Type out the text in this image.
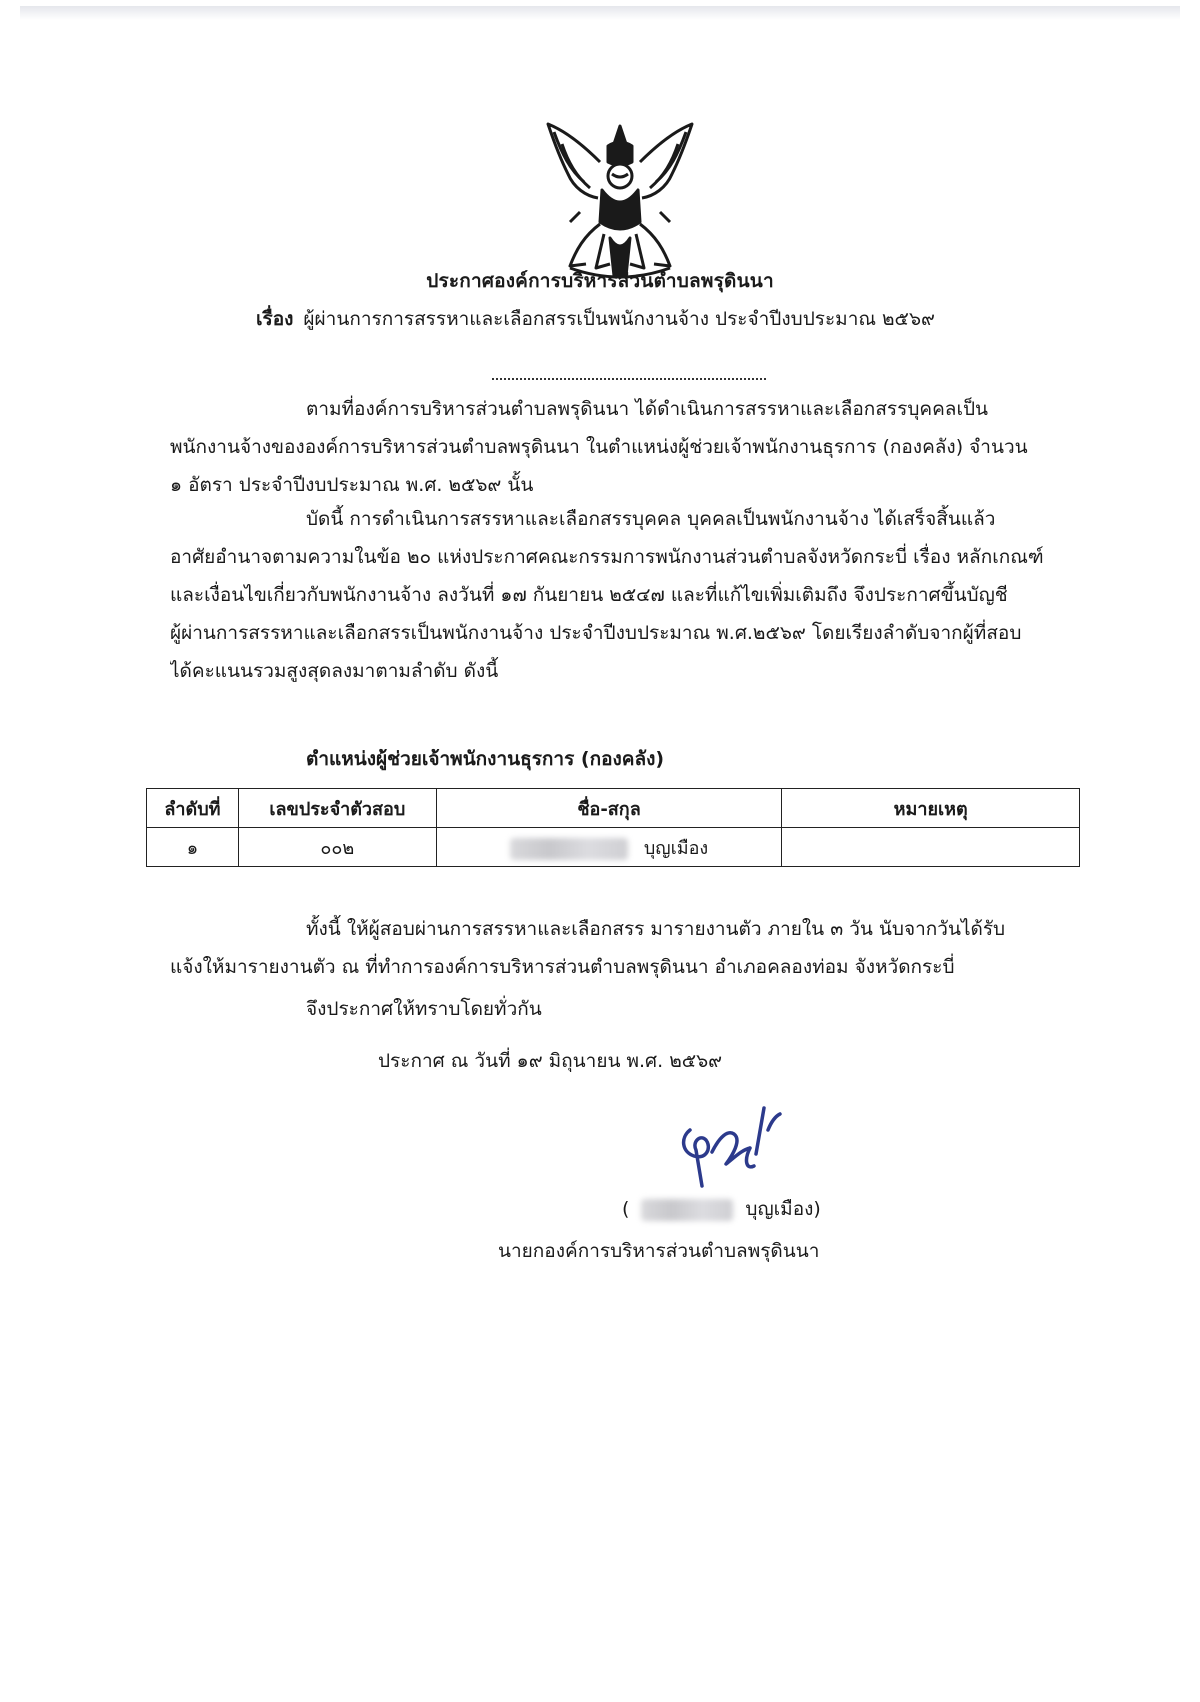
ประกาศองค์การบริหารส่วนตำบลพรุดินนา
เรื่อง ผู้ผ่านการการสรรหาและเลือกสรรเป็นพนักงานจ้าง ประจำปีงบประมาณ ๒๕๖๙
ตามที่องค์การบริหารส่วนตำบลพรุดินนา ได้ดำเนินการสรรหาและเลือกสรรบุคคลเป็น
พนักงานจ้างขององค์การบริหารส่วนตำบลพรุดินนา ในตำแหน่งผู้ช่วยเจ้าพนักงานธุรการ (กองคลัง) จำนวน
๑ อัตรา ประจำปีงบประมาณ พ.ศ. ๒๕๖๙ นั้น
บัดนี้ การดำเนินการสรรหาและเลือกสรรบุคคล บุคคลเป็นพนักงานจ้าง ได้เสร็จสิ้นแล้ว
อาศัยอำนาจตามความในข้อ ๒๐ แห่งประกาศคณะกรรมการพนักงานส่วนตำบลจังหวัดกระบี่ เรื่อง หลักเกณฑ์
และเงื่อนไขเกี่ยวกับพนักงานจ้าง ลงวันที่ ๑๗ กันยายน ๒๕๔๗ และที่แก้ไขเพิ่มเติมถึง จึงประกาศขึ้นบัญชี
ผู้ผ่านการสรรหาและเลือกสรรเป็นพนักงานจ้าง ประจำปีงบประมาณ พ.ศ.๒๕๖๙ โดยเรียงลำดับจากผู้ที่สอบ
ได้คะแนนรวมสูงสุดลงมาตามลำดับ ดังนี้
ตำแหน่งผู้ช่วยเจ้าพนักงานธุรการ (กองคลัง)
ลำดับที่	เลขประจำตัวสอบ	ชื่อ-สกุล	หมายเหตุ
๑	๐๐๒	บุญเมือง	
ทั้งนี้ ให้ผู้สอบผ่านการสรรหาและเลือกสรร มารายงานตัว ภายใน ๓ วัน นับจากวันได้รับ
แจ้งให้มารายงานตัว ณ ที่ทำการองค์การบริหารส่วนตำบลพรุดินนา อำเภอคลองท่อม จังหวัดกระบี่
จึงประกาศให้ทราบโดยทั่วกัน
ประกาศ ณ วันที่ ๑๙ มิถุนายน พ.ศ. ๒๕๖๙
(	บุญเมือง)
นายกองค์การบริหารส่วนตำบลพรุดินนา
